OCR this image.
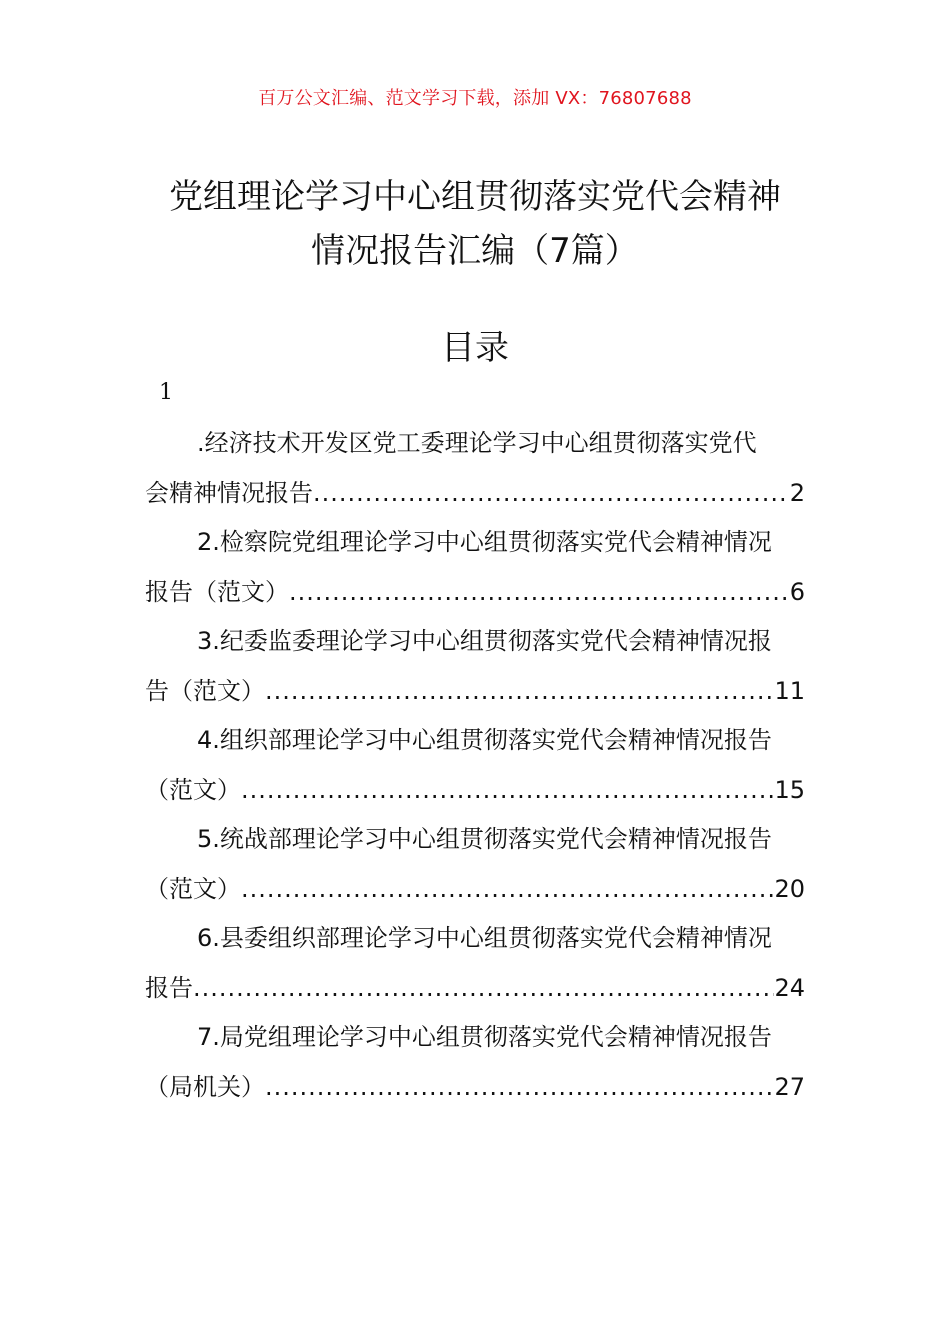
百万公文汇编、范文学习下载，添加 VX：76807688
党组理论学习中心组贯彻落实党代会精神
情况报告汇编（7篇）
目录
1
.经济技术开发区党工委理论学习中心组贯彻落实党代
会精神情况报告 .....	2
2.检察院党组理论学习中心组贯彻落实党代会精神情况
报告（范文） .....	6
3.纪委监委理论学习中心组贯彻落实党代会精神情况报
告（范文） .....	11
4.组织部理论学习中心组贯彻落实党代会精神情况报告
（范文） .....	15
5.统战部理论学习中心组贯彻落实党代会精神情况报告
（范文） .....	20
6.县委组织部理论学习中心组贯彻落实党代会精神情况
报告 .....	24
7.局党组理论学习中心组贯彻落实党代会精神情况报告
（局机关） .....	27
